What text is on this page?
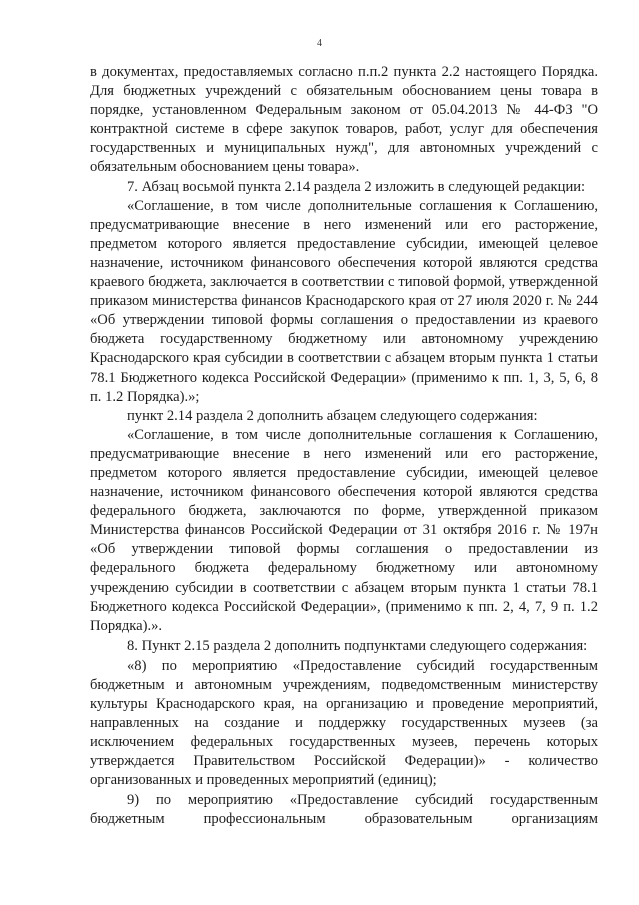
4

в документах, предоставляемых согласно п.п.2 пункта 2.2 настоящего Порядка. Для бюджетных учреждений с обязательным обоснованием цены товара в порядке, установленном Федеральным законом от 05.04.2013 № 44-ФЗ "О контрактной системе в сфере закупок товаров, работ, услуг для обеспечения государственных и муниципальных нужд", для автономных учреждений с обязательным обоснованием цены товара».

7. Абзац восьмой пункта 2.14 раздела 2 изложить в следующей редакции:

«Соглашение, в том числе дополнительные соглашения к Соглашению, предусматривающие внесение в него изменений или его расторжение, предметом которого является предоставление субсидии, имеющей целевое назначение, источником финансового обеспечения которой являются средства краевого бюджета, заключается в соответствии с типовой формой, утвержденной приказом министерства финансов Краснодарского края от 27 июля 2020 г. № 244 «Об утверждении типовой формы соглашения о предоставлении из краевого бюджета государственному бюджетному или автономному учреждению Краснодарского края субсидии в соответствии с абзацем вторым пункта 1 статьи 78.1 Бюджетного кодекса Российской Федерации» (применимо к пп. 1, 3, 5, 6, 8 п. 1.2 Порядка).»;

пункт 2.14 раздела 2 дополнить абзацем следующего содержания:

«Соглашение, в том числе дополнительные соглашения к Соглашению, предусматривающие внесение в него изменений или его расторжение, предметом которого является предоставление субсидии, имеющей целевое назначение, источником финансового обеспечения которой являются средства федерального бюджета, заключаются по форме, утвержденной приказом Министерства финансов Российской Федерации от 31 октября 2016 г. № 197н «Об утверждении типовой формы соглашения о предоставлении из федерального бюджета федеральному бюджетному или автономному учреждению субсидии в соответствии с абзацем вторым пункта 1 статьи 78.1 Бюджетного кодекса Российской Федерации», (применимо к пп. 2, 4, 7, 9 п. 1.2 Порядка).».

8. Пункт 2.15 раздела 2 дополнить подпунктами следующего содержания:

«8) по мероприятию «Предоставление субсидий государственным бюджетным и автономным учреждениям, подведомственным министерству культуры Краснодарского края, на организацию и проведение мероприятий, направленных на создание и поддержку государственных музеев (за исключением федеральных государственных музеев, перечень которых утверждается Правительством Российской Федерации)» - количество организованных и проведенных мероприятий (единиц);

9) по мероприятию «Предоставление субсидий государственным бюджетным профессиональным образовательным организациям
